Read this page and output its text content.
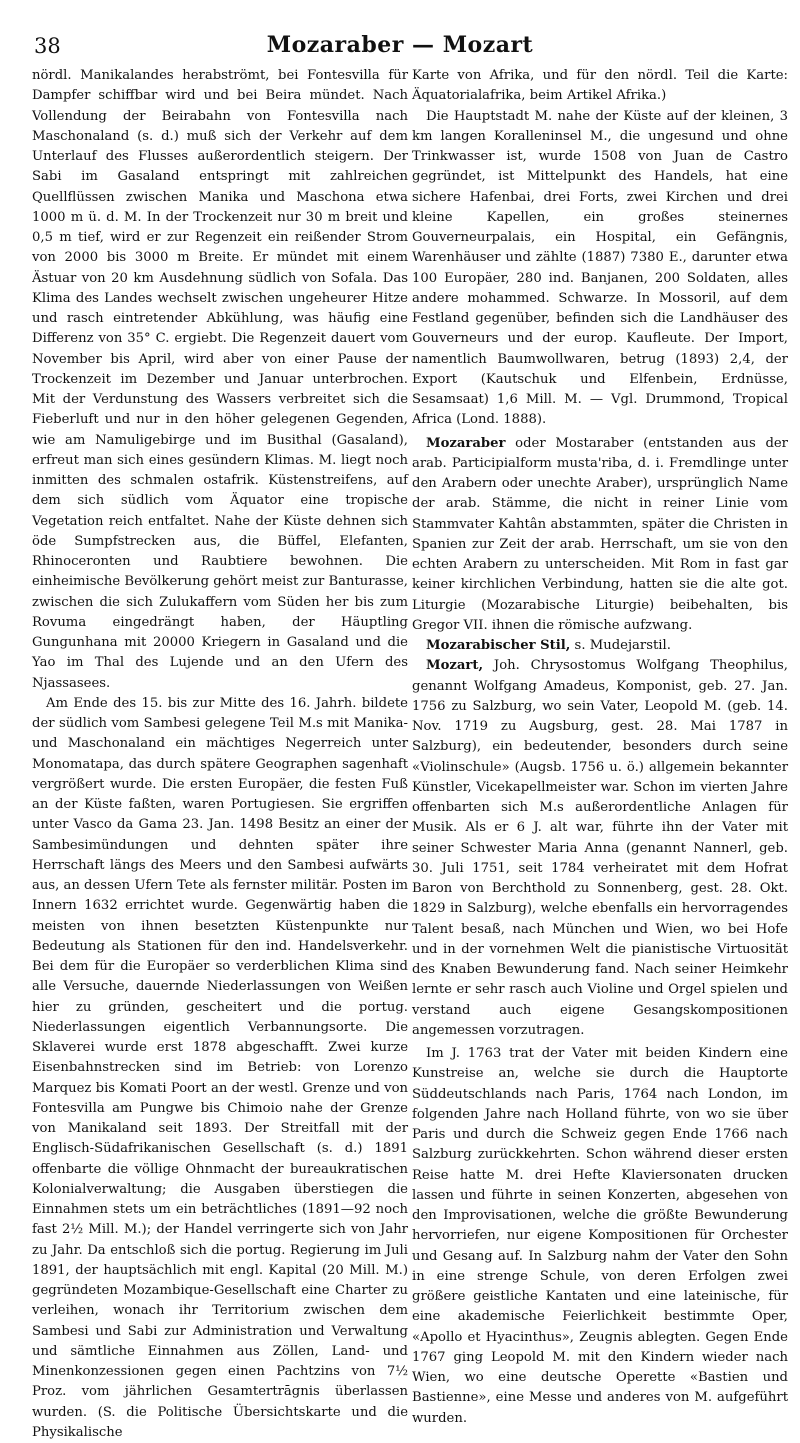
38	Mozaraber — Mozart

nördl. Manikalandes herabströmt, bei Fontesvilla für Dampfer schiffbar wird und bei Beira mündet. Nach Vollendung der Beirabahn von Fontesvilla nach Maschonaland (s. d.) muß sich der Verkehr auf dem Unterlauf des Flusses außerordentlich steigern. Der Sabi im Gasaland entspringt mit zahlreichen Quellflüssen zwischen Manika und Maschona etwa 1000 m ü. d. M. In der Trockenzeit nur 30 m breit und 0,5 m tief, wird er zur Regenzeit ein reißender Strom von 2000 bis 3000 m Breite. Er mündet mit einem Ästuar von 20 km Ausdehnung südlich von Sofala. Das Klima des Landes wechselt zwischen ungeheurer Hitze und rasch eintretender Abkühlung, was häufig eine Differenz von 35° C. ergiebt. Die Regenzeit dauert vom November bis April, wird aber von einer Pause der Trockenzeit im Dezember und Januar unterbrochen. Mit der Verdunstung des Wassers verbreitet sich die Fieberluft und nur in den höher gelegenen Gegenden, wie am Namuligebirge und im Busithal (Gasaland), erfreut man sich eines gesündern Klimas. M. liegt noch inmitten des schmalen ostafrik. Küstenstreifens, auf dem sich südlich vom Äquator eine tropische Vegetation reich entfaltet. Nahe der Küste dehnen sich öde Sumpfstrecken aus, die Büffel, Elefanten, Rhinoceronten und Raubtiere bewohnen. Die einheimische Bevölkerung gehört meist zur Banturasse, zwischen die sich Zulukaffern vom Süden her bis zum Rovuma eingedrängt haben, der Häuptling Gungunhana mit 20000 Kriegern in Gasaland und die Yao im Thal des Lujende und an den Ufern des Njassasees.

Am Ende des 15. bis zur Mitte des 16. Jahrh. bildete der südlich vom Sambesi gelegene Teil M.s mit Manika- und Maschonaland ein mächtiges Negerreich unter Monomatapa, das durch spätere Geographen sagenhaft vergrößert wurde. Die ersten Europäer, die festen Fuß an der Küste faßten, waren Portugiesen. Sie ergriffen unter Vasco da Gama 23. Jan. 1498 Besitz an einer der Sambesimündungen und dehnten später ihre Herrschaft längs des Meers und den Sambesi aufwärts aus, an dessen Ufern Tete als fernster militär. Posten im Innern 1632 errichtet wurde. Gegenwärtig haben die meisten von ihnen besetzten Küstenpunkte nur Bedeutung als Stationen für den ind. Handelsverkehr. Bei dem für die Europäer so verderblichen Klima sind alle Versuche, dauernde Niederlassungen von Weißen hier zu gründen, gescheitert und die portug. Niederlassungen eigentlich Verbannungsorte. Die Sklaverei wurde erst 1878 abgeschafft. Zwei kurze Eisenbahnstrecken sind im Betrieb: von Lorenzo Marquez bis Komati Poort an der westl. Grenze und von Fontesvilla am Pungwe bis Chimoio nahe der Grenze von Manikaland seit 1893. Der Streitfall mit der Englisch-Südafrikanischen Gesellschaft (s. d.) 1891 offenbarte die völlige Ohnmacht der bureaukratischen Kolonialverwaltung; die Ausgaben überstiegen die Einnahmen stets um ein beträchtliches (1891—92 noch fast 2½ Mill. M.); der Handel verringerte sich von Jahr zu Jahr. Da entschloß sich die portug. Regierung im Juli 1891, der hauptsächlich mit engl. Kapital (20 Mill. M.) gegründeten Mozambique-Gesellschaft eine Charter zu verleihen, wonach ihr Territorium zwischen dem Sambesi und Sabi zur Administration und Verwaltung und sämtliche Einnahmen aus Zöllen, Land- und Minenkonzessionen gegen einen Pachtzins von 7½ Proz. vom jährlichen Gesamtertrāgnis überlassen wurden. (S. die Politische Übersichtskarte und die Physikalische

Karte von Afrika, und für den nördl. Teil die Karte: Äquatorialafrika, beim Artikel Afrika.)

Die Hauptstadt M. nahe der Küste auf der kleinen, 3 km langen Koralleninsel M., die ungesund und ohne Trinkwasser ist, wurde 1508 von Juan de Castro gegründet, ist Mittelpunkt des Handels, hat eine sichere Hafenbai, drei Forts, zwei Kirchen und drei kleine Kapellen, ein großes steinernes Gouverneurpalais, ein Hospital, ein Gefängnis, Warenhäuser und zählte (1887) 7380 E., darunter etwa 100 Europäer, 280 ind. Banjanen, 200 Soldaten, alles andere mohammed. Schwarze. In Mossoril, auf dem Festland gegenüber, befinden sich die Landhäuser des Gouverneurs und der europ. Kaufleute. Der Import, namentlich Baumwollwaren, betrug (1893) 2,4, der Export (Kautschuk und Elfenbein, Erdnüsse, Sesamsaat) 1,6 Mill. M. — Vgl. Drummond, Tropical Africa (Lond. 1888).

Mozaraber oder Mostaraber (entstanden aus der arab. Participialform musta'riba, d. i. Fremdlinge unter den Arabern oder unechte Araber), ursprünglich Name der arab. Stämme, die nicht in reiner Linie vom Stammvater Kahtân abstammten, später die Christen in Spanien zur Zeit der arab. Herrschaft, um sie von den echten Arabern zu unterscheiden. Mit Rom in fast gar keiner kirchlichen Verbindung, hatten sie die alte got. Liturgie (Mozarabische Liturgie) beibehalten, bis Gregor VII. ihnen die römische aufzwang.

Mozarabischer Stil, s. Mudejarstil.

Mozart, Joh. Chrysostomus Wolfgang Theophilus, genannt Wolfgang Amadeus, Komponist, geb. 27. Jan. 1756 zu Salzburg, wo sein Vater, Leopold M. (geb. 14. Nov. 1719 zu Augsburg, gest. 28. Mai 1787 in Salzburg), ein bedeutender, besonders durch seine «Violinschule» (Augsb. 1756 u. ö.) allgemein bekannter Künstler, Vicekapellmeister war. Schon im vierten Jahre offenbarten sich M.s außerordentliche Anlagen für Musik. Als er 6 J. alt war, führte ihn der Vater mit seiner Schwester Maria Anna (genannt Nannerl, geb. 30. Juli 1751, seit 1784 verheiratet mit dem Hofrat Baron von Berchthold zu Sonnenberg, gest. 28. Okt. 1829 in Salzburg), welche ebenfalls ein hervorragendes Talent besaß, nach München und Wien, wo bei Hofe und in der vornehmen Welt die pianistische Virtuosität des Knaben Bewunderung fand. Nach seiner Heimkehr lernte er sehr rasch auch Violine und Orgel spielen und verstand auch eigene Gesangskompositionen angemessen vorzutragen.

Im J. 1763 trat der Vater mit beiden Kindern eine Kunstreise an, welche sie durch die Hauptorte Süddeutschlands nach Paris, 1764 nach London, im folgenden Jahre nach Holland führte, von wo sie über Paris und durch die Schweiz gegen Ende 1766 nach Salzburg zurückkehrten. Schon während dieser ersten Reise hatte M. drei Hefte Klaviersonaten drucken lassen und führte in seinen Konzerten, abgesehen von den Improvisationen, welche die größte Bewunderung hervorriefen, nur eigene Kompositionen für Orchester und Gesang auf. In Salzburg nahm der Vater den Sohn in eine strenge Schule, von deren Erfolgen zwei größere geistliche Kantaten und eine lateinische, für eine akademische Feierlichkeit bestimmte Oper, «Apollo et Hyacinthus», Zeugnis ablegten. Gegen Ende 1767 ging Leopold M. mit den Kindern wieder nach Wien, wo eine deutsche Operette «Bastien und Bastienne», eine Messe und anderes von M. aufgeführt wurden.
